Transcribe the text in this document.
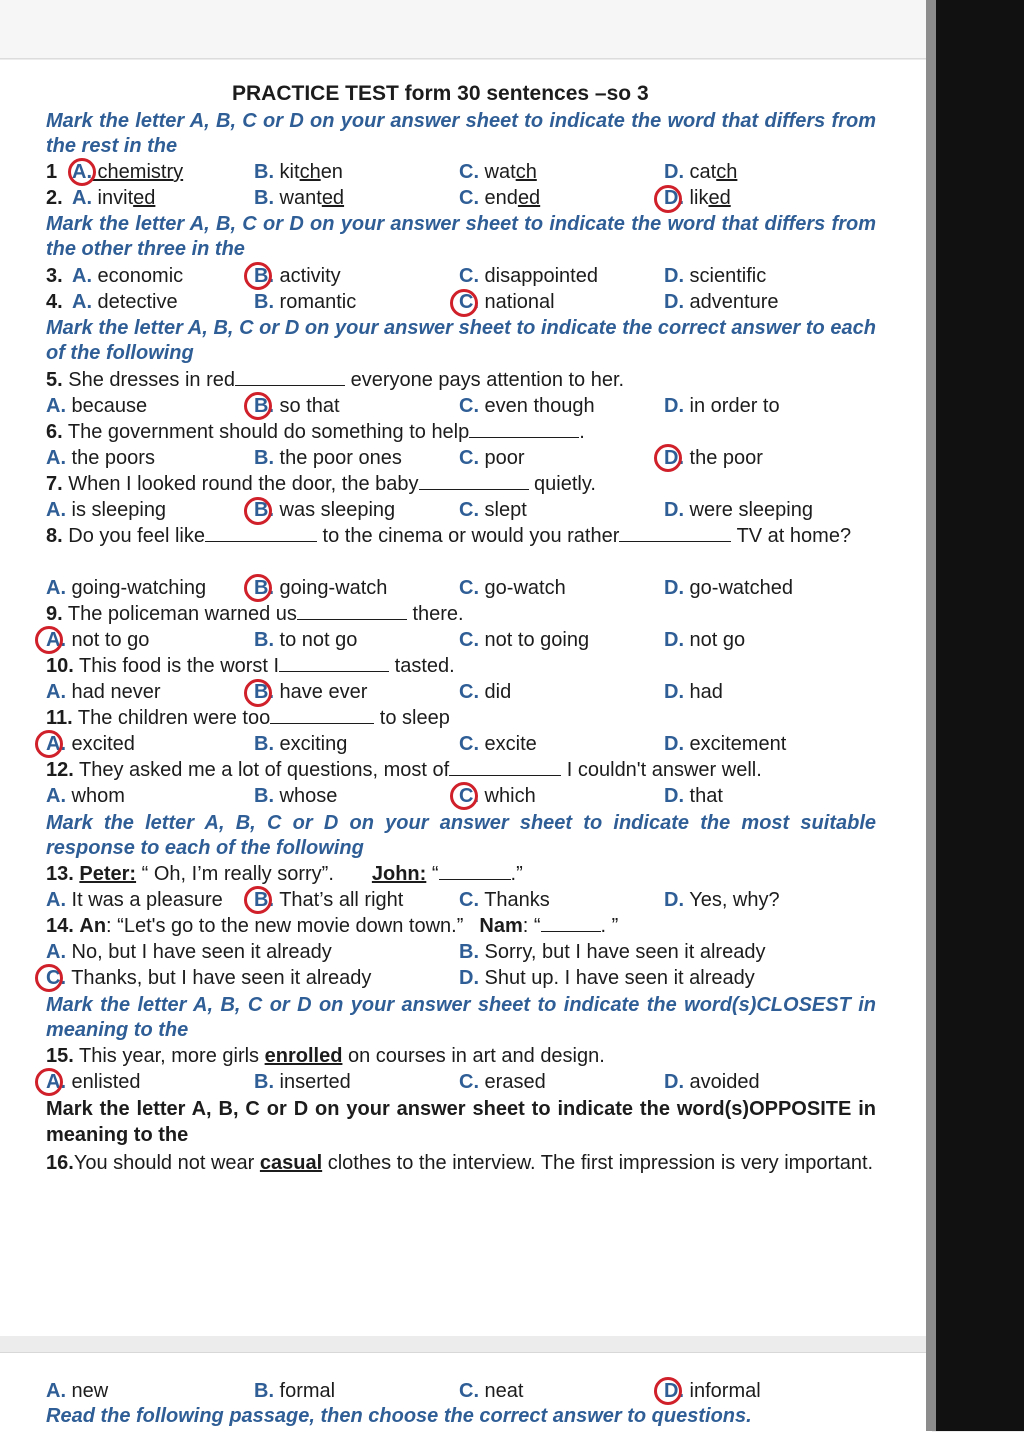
PRACTICE TEST form 30 sentences –so 3
Mark the letter A, B, C or D on your answer sheet to indicate the word that differs from the rest in the
1 A. chemistry	B. kitchen	C. watch	D. catch
2. A. invited	B. wanted	C. ended	D. liked
Mark the letter A, B, C or D on your answer sheet to indicate the word that differs from the other three in the
3. A. economic	B. activity	C. disappointed	D. scientific
4. A. detective	B. romantic	C. national	D. adventure
Mark the letter A, B, C or D on your answer sheet to indicate the correct answer to each of the following
5. She dresses in red	everyone pays attention to her.
A. because	B. so that	C. even though	D. in order to
6. The government should do something to help	.
A. the poors	B. the poor ones	C. poor	D. the poor
7. When I looked round the door, the baby	quietly.
A. is sleeping	B. was sleeping	C. slept	D. were sleeping
8. Do you feel like	to the cinema or would you rather	TV at home?
A. going-watching B. going-watch	C. go-watch	D. go-watched
9. The policeman warned us	there.
A. not to go	B. to not go	C. not to going	D. not go
10. This food is the worst I	tasted.
A. had never	B. have ever	C. did	D. had
11. The children were too	to sleep
A. excited	B. exciting	C. excite	D. excitement
12. They asked me a lot of questions, most of	I couldn't answer well.
A. whom	B. whose	C. which	D. that
Mark the letter A, B, C or D on your answer sheet to indicate the most suitable response to each of the following
13. Peter: “ Oh, I’m really sorry”. John: “	.”
A. It was a pleasure B. That’s all right	C. Thanks	D. Yes, why?
14. An: “Let's go to the new movie down town.” Nam: “	. ”
A. No, but I have seen it already	B. Sorry, but I have seen it already
C. Thanks, but I have seen it already	D. Shut up. I have seen it already
Mark the letter A, B, C or D on your answer sheet to indicate the word(s)CLOSEST in meaning to the
15. This year, more girls enrolled on courses in art and design.
A. enlisted	B. inserted	C. erased	D. avoided
Mark the letter A, B, C or D on your answer sheet to indicate the word(s)OPPOSITE in meaning to the
16.You should not wear casual clothes to the interview. The first impression is very important.
A. new	B. formal	C. neat	D. informal
Read the following passage, then choose the correct answer to questions.
